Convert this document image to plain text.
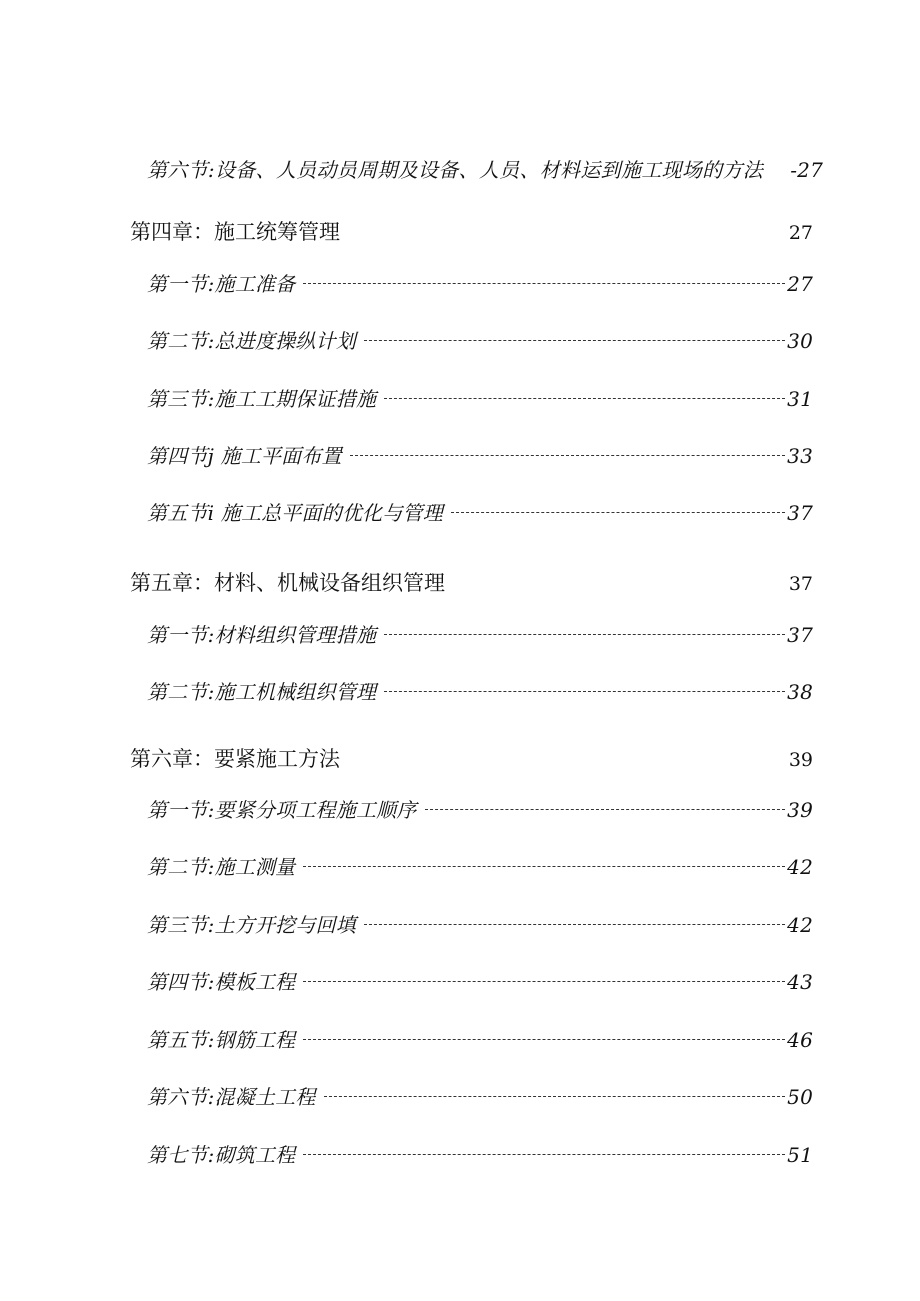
第六节:设备、人员动员周期及设备、人员、材料运到施工现场的方法	-27
第四章：施工统筹管理	27
第一节:施工准备	27
第二节:总进度操纵计划	30
第三节:施工工期保证措施	31
第四节j 施工平面布置	33
第五节i 施工总平面的优化与管理	37
第五章：材料、机械设备组织管理	37
第一节:材料组织管理措施	37
第二节:施工机械组织管理	38
第六章：要紧施工方法	39
第一节:要紧分项工程施工顺序	39
第二节:施工测量	42
第三节:土方开挖与回填	42
第四节:模板工程	43
第五节:钢筋工程	46
第六节:混凝土工程	50
第七节:砌筑工程	51
